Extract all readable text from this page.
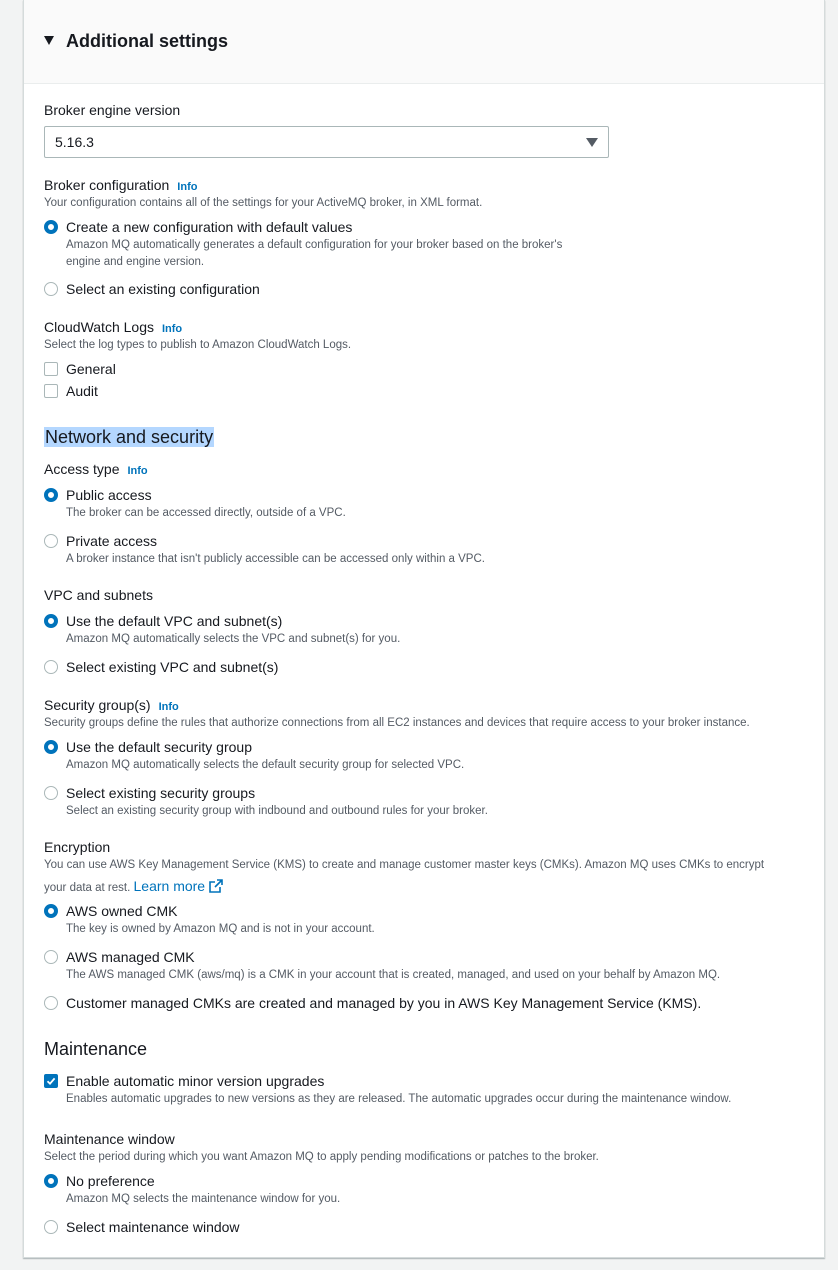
Additional settings
Broker engine version
5.16.3
Broker configuration Info
Your configuration contains all of the settings for your ActiveMQ broker, in XML format.
Create a new configuration with default values
Amazon MQ automatically generates a default configuration for your broker based on the broker's
engine and engine version.
Select an existing configuration
CloudWatch Logs Info
Select the log types to publish to Amazon CloudWatch Logs.
General
Audit
Network and security
Access type Info
Public access
The broker can be accessed directly, outside of a VPC.
Private access
A broker instance that isn't publicly accessible can be accessed only within a VPC.
VPC and subnets
Use the default VPC and subnet(s)
Amazon MQ automatically selects the VPC and subnet(s) for you.
Select existing VPC and subnet(s)
Security group(s) Info
Security groups define the rules that authorize connections from all EC2 instances and devices that require access to your broker instance.
Use the default security group
Amazon MQ automatically selects the default security group for selected VPC.
Select existing security groups
Select an existing security group with indbound and outbound rules for your broker.
Encryption
You can use AWS Key Management Service (KMS) to create and manage customer master keys (CMKs). Amazon MQ uses CMKs to encrypt
your data at rest. Learn more
AWS owned CMK
The key is owned by Amazon MQ and is not in your account.
AWS managed CMK
The AWS managed CMK (aws/mq) is a CMK in your account that is created, managed, and used on your behalf by Amazon MQ.
Customer managed CMKs are created and managed by you in AWS Key Management Service (KMS).
Maintenance
Enable automatic minor version upgrades
Enables automatic upgrades to new versions as they are released. The automatic upgrades occur during the maintenance window.
Maintenance window
Select the period during which you want Amazon MQ to apply pending modifications or patches to the broker.
No preference
Amazon MQ selects the maintenance window for you.
Select maintenance window
